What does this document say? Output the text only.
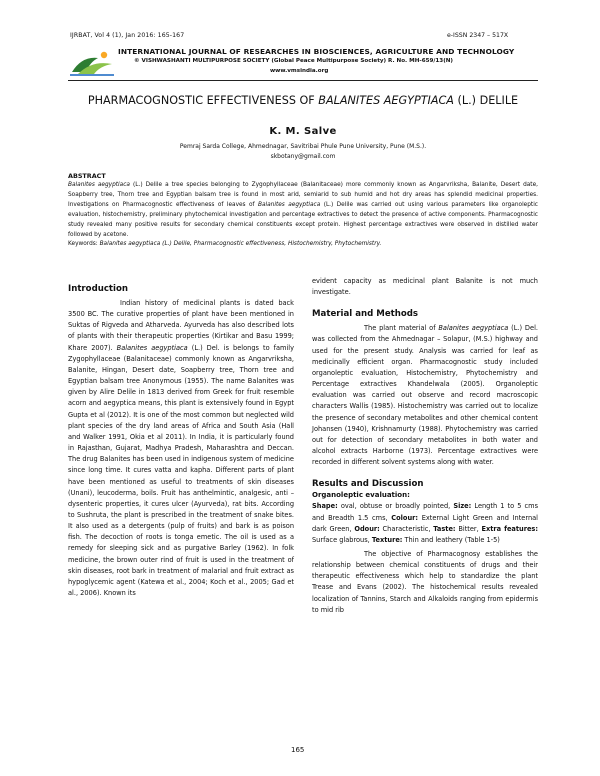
IJRBAT, Vol 4 (1), Jan 2016: 165-167	e-ISSN 2347 – 517X
INTERNATIONAL JOURNAL OF RESEARCHES IN BIOSCIENCES, AGRICULTURE AND TECHNOLOGY
© VISHWASHANTI MULTIPURPOSE SOCIETY (Global Peace Multipurpose Society) R. No. MH-659/13(N)
www.vmsindia.org
PHARMACOGNOSTIC EFFECTIVENESS OF BALANITES AEGYPTIACA (L.) DELILE
K. M. Salve
Pemraj Sarda College, Ahmednagar, Savitribai Phule Pune University, Pune (M.S.).
skbotany@gmail.com
ABSTRACT
Balanites aegyptiaca (L.) Delile a tree species belonging to Zygophyllaceae (Balanitaceae) more commonly known as Angarvriksha, Balanite, Desert date, Soapberry tree, Thorn tree and Egyptian balsam tree is found in most arid, semiarid to sub humid and hot dry areas has splendid medicinal properties. Investigations on Pharmacognostic effectiveness of leaves of Balanites aegyptiaca (L.) Delile was carried out using various parameters like organoleptic evaluation, histochemistry, preliminary phytochemical investigation and percentage extractives to detect the presence of active components. Pharmacognostic study revealed many positive results for secondary chemical constituents except protein. Highest percentage extractives were observed in distilled water followed by acetone.
Keywords: Balanites aegyptiaca (L.) Delile, Pharmacognostic effectiveness, Histochemistry, Phytochemistry.
Introduction

Indian history of medicinal plants is dated back 3500 BC. The curative properties of plant have been mentioned in Suktas of Rigveda and Atharveda. Ayurveda has also described lots of plants with their therapeutic properties (Kirtikar and Basu 1999; Khare 2007). Balanites aegyptiaca (L.) Del. is belongs to family Zygophyllaceae (Balanitaceae) commonly known as Angarvriksha, Balanite, Hingan, Desert date, Soapberry tree, Thorn tree and Egyptian balsam tree Anonymous (1955). The name Balanites was given by Alire Delile in 1813 derived from Greek for fruit resemble acorn and aegyptica means, this plant is extensively found in Egypt Gupta et al (2012). It is one of the most common but neglected wild plant species of the dry land areas of Africa and South Asia (Hall and Walker 1991, Okia et al 2011). In India, it is particularly found in Rajasthan, Gujarat, Madhya Pradesh, Maharashtra and Deccan. The drug Balanites has been used in indigenous system of medicine since long time. It cures vatta and kapha. Different parts of plant have been mentioned as useful to treatments of skin diseases (Unani), leucoderma, boils. Fruit has anthelmintic, analgesic, anti – dysenteric properties, it cures ulcer (Ayurveda), rat bits. According to Sushruta, the plant is prescribed in the treatment of snake bites. It also used as a detergents (pulp of fruits) and bark is as poison fish. The decoction of roots is tonga emetic. The oil is used as a remedy for sleeping sick and as purgative Barley (1962). In folk medicine, the brown outer rind of fruit is used in the treatment of skin diseases, root bark in treatment of malarial and fruit extract as hypoglycemic agent (Katewa et al., 2004; Koch et al., 2005; Gad et al., 2006). Known its

evident capacity as medicinal plant Balanite is not much investigate.

Material and Methods

The plant material of Balanites aegyptiaca (L.) Del. was collected from the Ahmednagar – Solapur, (M.S.) highway and used for the present study. Analysis was carried for leaf as medicinally efficient organ. Pharmacognostic study included organoleptic evaluation, Histochemistry, Phytochemistry and Percentage extractives Khandelwala (2005). Organoleptic evaluation was carried out observe and record macroscopic characters Wallis (1985). Histochemistry was carried out to localize the presence of secondary metabolites and other chemical content Johansen (1940), Krishnamurty (1988). Phytochemistry was carried out for detection of secondary metabolites in both water and alcohol extracts Harborne (1973). Percentage extractives were recorded in different solvent systems along with water.

Results and Discussion
Organoleptic evaluation:

Shape: oval, obtuse or broadly pointed, Size: Length 1 to 5 cms and Breadth 1.5 cms, Colour: External Light Green and Internal dark Green, Odour: Characteristic, Taste: Bitter, Extra features: Surface glabrous, Texture: Thin and leathery (Table 1-5)

The objective of Pharmacognosy establishes the relationship between chemical constituents of drugs and their therapeutic effectiveness which help to standardize the plant Trease and Evans (2002). The histochemical results revealed localization of Tannins, Starch and Alkaloids ranging from epidermis to mid rib

165
